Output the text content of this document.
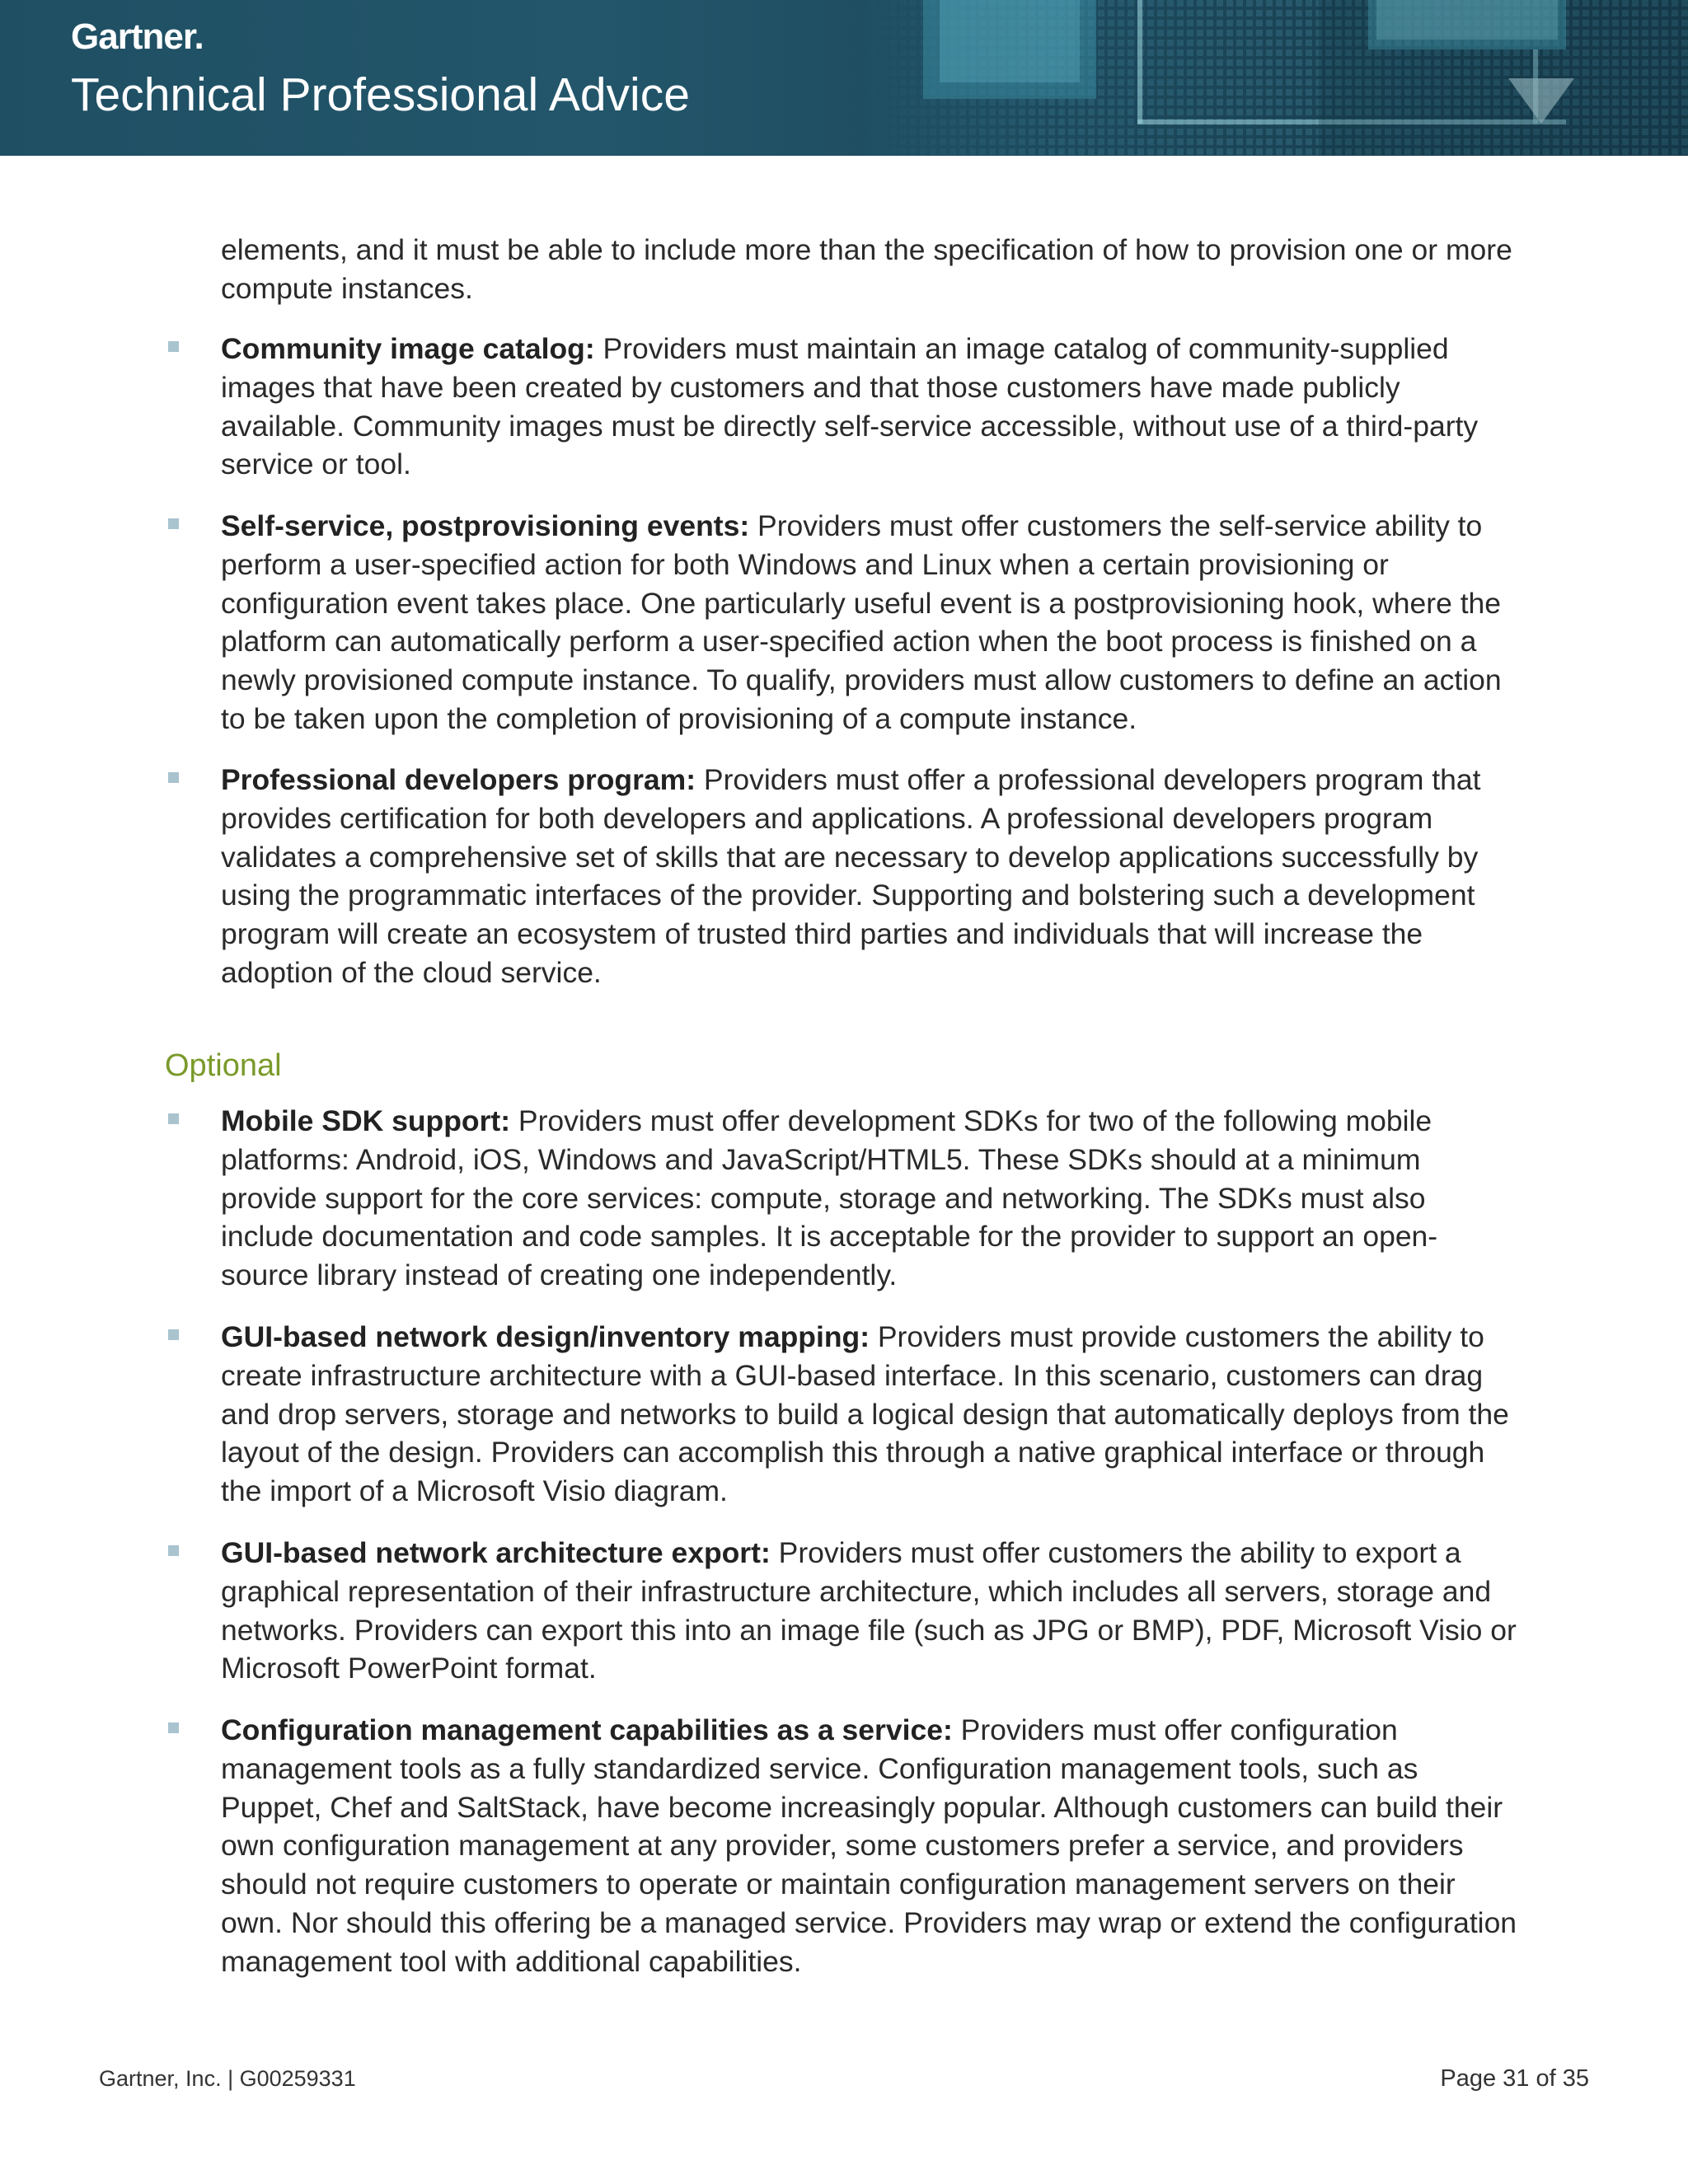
Gartner.
Technical Professional Advice
elements, and it must be able to include more than the specification of how to provision one or more compute instances.
Community image catalog: Providers must maintain an image catalog of community-supplied images that have been created by customers and that those customers have made publicly available. Community images must be directly self-service accessible, without use of a third-party service or tool.
Self-service, postprovisioning events: Providers must offer customers the self-service ability to perform a user-specified action for both Windows and Linux when a certain provisioning or configuration event takes place. One particularly useful event is a postprovisioning hook, where the platform can automatically perform a user-specified action when the boot process is finished on a newly provisioned compute instance. To qualify, providers must allow customers to define an action to be taken upon the completion of provisioning of a compute instance.
Professional developers program: Providers must offer a professional developers program that provides certification for both developers and applications. A professional developers program validates a comprehensive set of skills that are necessary to develop applications successfully by using the programmatic interfaces of the provider. Supporting and bolstering such a development program will create an ecosystem of trusted third parties and individuals that will increase the adoption of the cloud service.
Optional
Mobile SDK support: Providers must offer development SDKs for two of the following mobile platforms: Android, iOS, Windows and JavaScript/HTML5. These SDKs should at a minimum provide support for the core services: compute, storage and networking. The SDKs must also include documentation and code samples. It is acceptable for the provider to support an open-source library instead of creating one independently.
GUI-based network design/inventory mapping: Providers must provide customers the ability to create infrastructure architecture with a GUI-based interface. In this scenario, customers can drag and drop servers, storage and networks to build a logical design that automatically deploys from the layout of the design. Providers can accomplish this through a native graphical interface or through the import of a Microsoft Visio diagram.
GUI-based network architecture export: Providers must offer customers the ability to export a graphical representation of their infrastructure architecture, which includes all servers, storage and networks. Providers can export this into an image file (such as JPG or BMP), PDF, Microsoft Visio or Microsoft PowerPoint format.
Configuration management capabilities as a service: Providers must offer configuration management tools as a fully standardized service. Configuration management tools, such as Puppet, Chef and SaltStack, have become increasingly popular. Although customers can build their own configuration management at any provider, some customers prefer a service, and providers should not require customers to operate or maintain configuration management servers on their own. Nor should this offering be a managed service. Providers may wrap or extend the configuration management tool with additional capabilities.
Gartner, Inc. | G00259331	Page 31 of 35
